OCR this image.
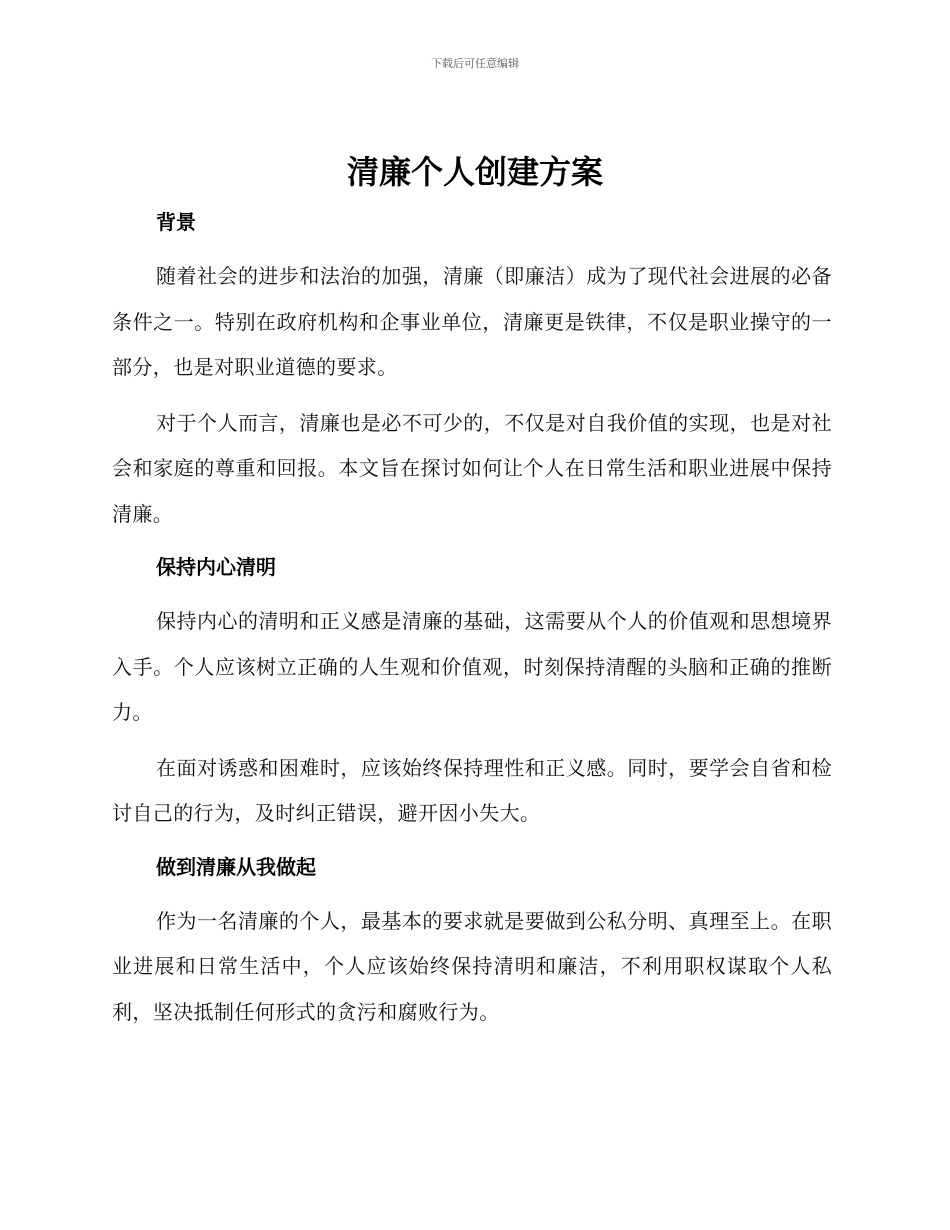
下载后可任意编辑
清廉个人创建方案
背景

随着社会的进步和法治的加强，清廉（即廉洁）成为了现代社会进展的必备条件之一。特别在政府机构和企事业单位，清廉更是铁律，不仅是职业操守的一部分，也是对职业道德的要求。

对于个人而言，清廉也是必不可少的，不仅是对自我价值的实现，也是对社会和家庭的尊重和回报。本文旨在探讨如何让个人在日常生活和职业进展中保持清廉。

保持内心清明

保持内心的清明和正义感是清廉的基础，这需要从个人的价值观和思想境界入手。个人应该树立正确的人生观和价值观，时刻保持清醒的头脑和正确的推断力。

在面对诱惑和困难时，应该始终保持理性和正义感。同时，要学会自省和检讨自己的行为，及时纠正错误，避开因小失大。

做到清廉从我做起

作为一名清廉的个人，最基本的要求就是要做到公私分明、真理至上。在职业进展和日常生活中，个人应该始终保持清明和廉洁，不利用职权谋取个人私利，坚决抵制任何形式的贪污和腐败行为。
